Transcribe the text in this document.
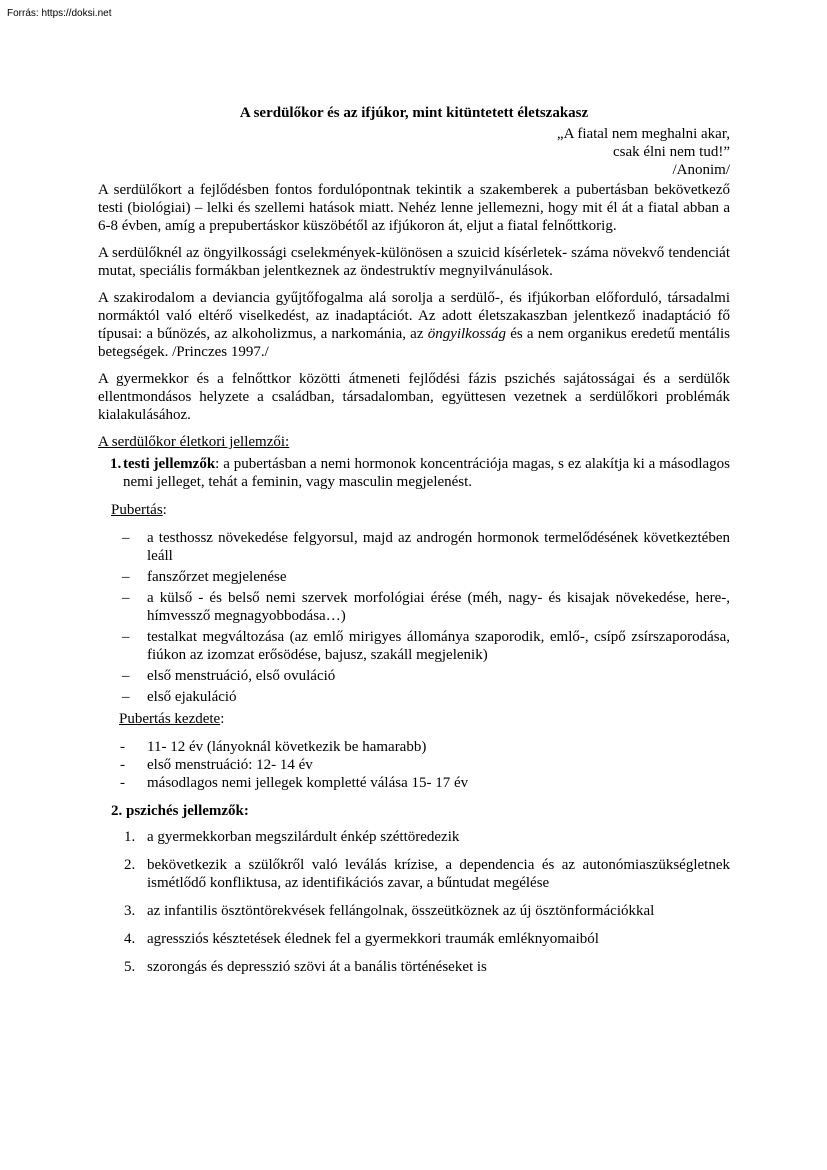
Forrás: https://doksi.net
A serdülőkor és az ifjúkor, mint kitüntetett életszakasz
„A fiatal nem meghalni akar,
csak élni nem tud!”
/Anonim/

A serdülőkort a fejlődésben fontos fordulópontnak tekintik a szakemberek a pubertásban bekövetkező testi (biológiai) – lelki és szellemi hatások miatt. Nehéz lenne jellemezni, hogy mit él át a fiatal abban a 6-8 évben, amíg a prepubertáskor küszöbétől az ifjúkoron át, eljut a fiatal felnőttkorig.

A serdülőknél az öngyilkossági cselekmények-különösen a szuicid kísérletek- száma növekvő tendenciát mutat, speciális formákban jelentkeznek az öndestruktív megnyilvánulások.

A szakirodalom a deviancia gyűjtőfogalma alá sorolja a serdülő-, és ifjúkorban előforduló, társadalmi normáktól való eltérő viselkedést, az inadaptációt. Az adott életszakaszban jelentkező inadaptáció fő típusai: a bűnözés, az alkoholizmus, a narkománia, az öngyilkosság és a nem organikus eredetű mentális betegségek. /Princzes 1997./

A gyermekkor és a felnőttkor közötti átmeneti fejlődési fázis pszichés sajátosságai és a serdülők ellentmondásos helyzete a családban, társadalomban, együttesen vezetnek a serdülőkori problémák kialakulásához.

A serdülőkor életkori jellemzői:
1. testi jellemzők: a pubertásban a nemi hormonok koncentrációja magas, s ez alakítja ki a másodlagos nemi jelleget, tehát a feminin, vagy masculin megjelenést.
Pubertás:
– a testhossz növekedése felgyorsul, majd az androgén hormonok termelődésének következtében leáll
– fanszőrzet megjelenése
– a külső - és belső nemi szervek morfológiai érése (méh, nagy- és kisajak növekedése, here-, hímvessző megnagyobbodása…)
– testalkat megváltozása (az emlő mirigyes állománya szaporodik, emlő-, csípő zsírszaporodása, fiúkon az izomzat erősödése, bajusz, szakáll megjelenik)
– első menstruáció, első ovuláció
– első ejakuláció
Pubertás kezdete:
- 11- 12 év (lányoknál következik be hamarabb)
- első menstruáció: 12- 14 év
- másodlagos nemi jellegek kompletté válása 15- 17 év
2. pszichés jellemzők:
1. a gyermekkorban megszilárdult énkép széttöredezik
2. bekövetkezik a szülőkről való leválás krízise, a dependencia és az autonómiaszükségletnek ismétlődő konfliktusa, az identifikációs zavar, a bűntudat megélése
3. az infantilis ösztöntörekvések fellángolnak, összeütköznek az új ösztönformációkkal
4. agressziós késztetések élednek fel a gyermekkori traumák emléknyomaiból
5. szorongás és depresszió szövi át a banális történéseket is
